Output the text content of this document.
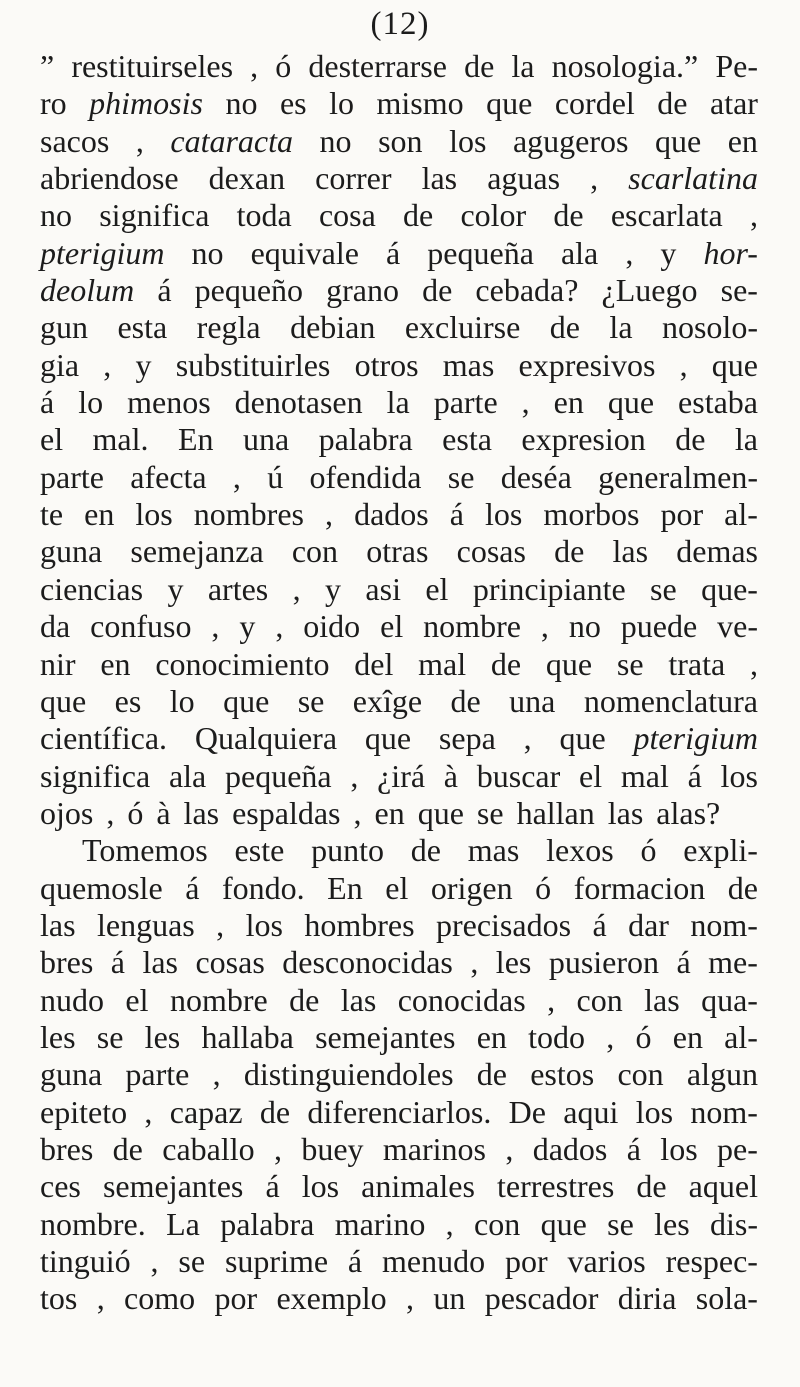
(12)
” restituirseles , ó desterrarse de la nosologia.” Pe-
ro phimosis no es lo mismo que cordel de atar
sacos , cataracta no son los agugeros que en
abriendose dexan correr las aguas , scarlatina
no significa toda cosa de color de escarlata ,
pterigium no equivale á pequeña ala , y hor-
deolum á pequeño grano de cebada? ¿Luego se-
gun esta regla debian excluirse de la nosolo-
gia , y substituirles otros mas expresivos , que
á lo menos denotasen la parte , en que estaba
el mal. En una palabra esta expresion de la
parte afecta , ú ofendida se deséa generalmen-
te en los nombres , dados á los morbos por al-
guna semejanza con otras cosas de las demas
ciencias y artes , y asi el principiante se que-
da confuso , y , oido el nombre , no puede ve-
nir en conocimiento del mal de que se trata ,
que es lo que se exîge de una nomenclatura
científica. Qualquiera que sepa , que pterigium
significa ala pequeña , ¿irá à buscar el mal á los
ojos , ó à las espaldas , en que se hallan las alas?
Tomemos este punto de mas lexos ó expli-
quemosle á fondo. En el origen ó formacion de
las lenguas , los hombres precisados á dar nom-
bres á las cosas desconocidas , les pusieron á me-
nudo el nombre de las conocidas , con las qua-
les se les hallaba semejantes en todo , ó en al-
guna parte , distinguiendoles de estos con algun
epiteto , capaz de diferenciarlos. De aqui los nom-
bres de caballo , buey marinos , dados á los pe-
ces semejantes á los animales terrestres de aquel
nombre. La palabra marino , con que se les dis-
tinguió , se suprime á menudo por varios respec-
tos , como por exemplo , un pescador diria sola-
